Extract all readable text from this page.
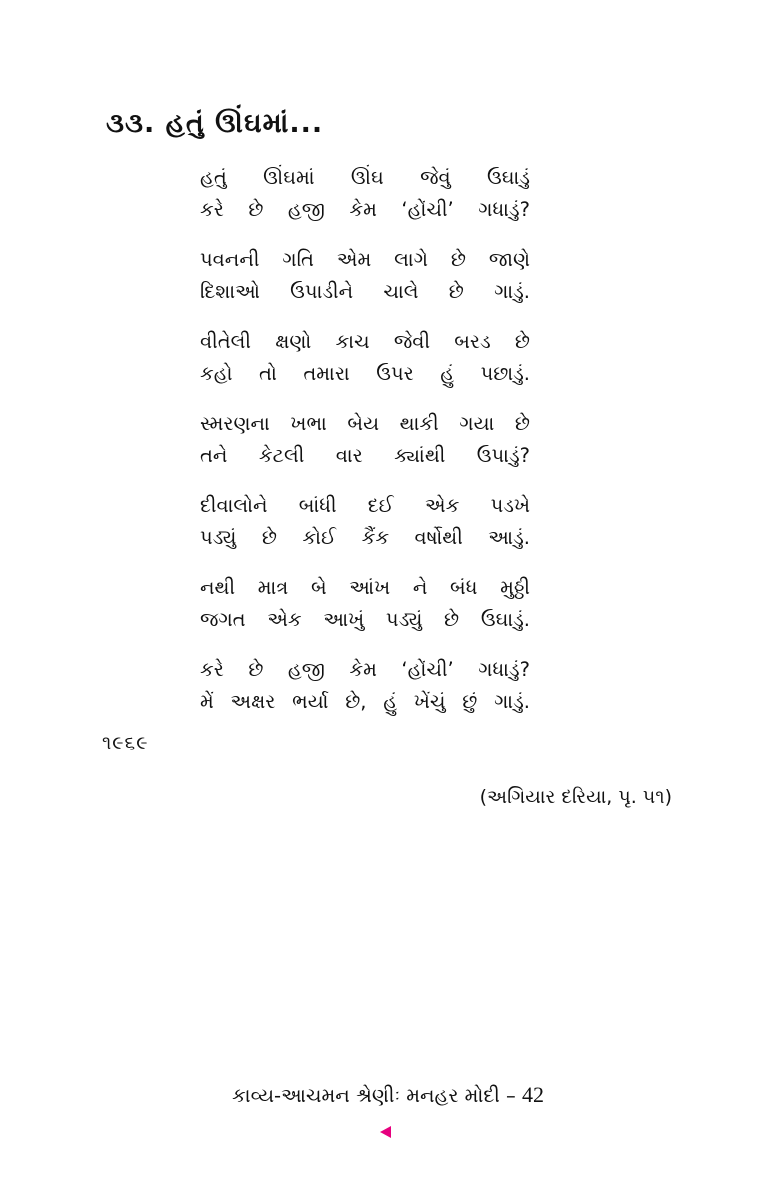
૩૩. હતું ઊંઘમાં...
હતું ઊંઘમાં ઊંઘ જેવું ઉઘાડું
કરે છે હજી કેમ ‘હોંચી’ ગધાડું?
પવનની ગતિ એમ લાગે છે જાણે
દિશાઓ ઉપાડીને ચાલે છે ગાડું.
વીતેલી ક્ષણો કાચ જેવી બરડ છે
કહો તો તમારા ઉપર હું પછાડું.
સ્મરણના ખભા બેય થાકી ગયા છે
તને કેટલી વાર ક્યાંથી ઉપાડું?
દીવાલોને બાંધી દઈ એક પડખે
પડ્યું છે કોઈ કૈંક વર્ષોથી આડું.
નથી માત્ર બે આંખ ને બંધ મુઠ્ઠી
જગત એક આખું પડ્યું છે ઉઘાડું.
કરે છે હજી કેમ ‘હોંચી’ ગધાડું?
મેં અક્ષર ભર્યા છે, હું ખેંચું છું ગાડું.
૧૯૬૯
(અગિયાર દરિયા, પૃ. ૫૧)
કાવ્ય-આચમન શ્રેણીઃ મનહર મોદી – 42
